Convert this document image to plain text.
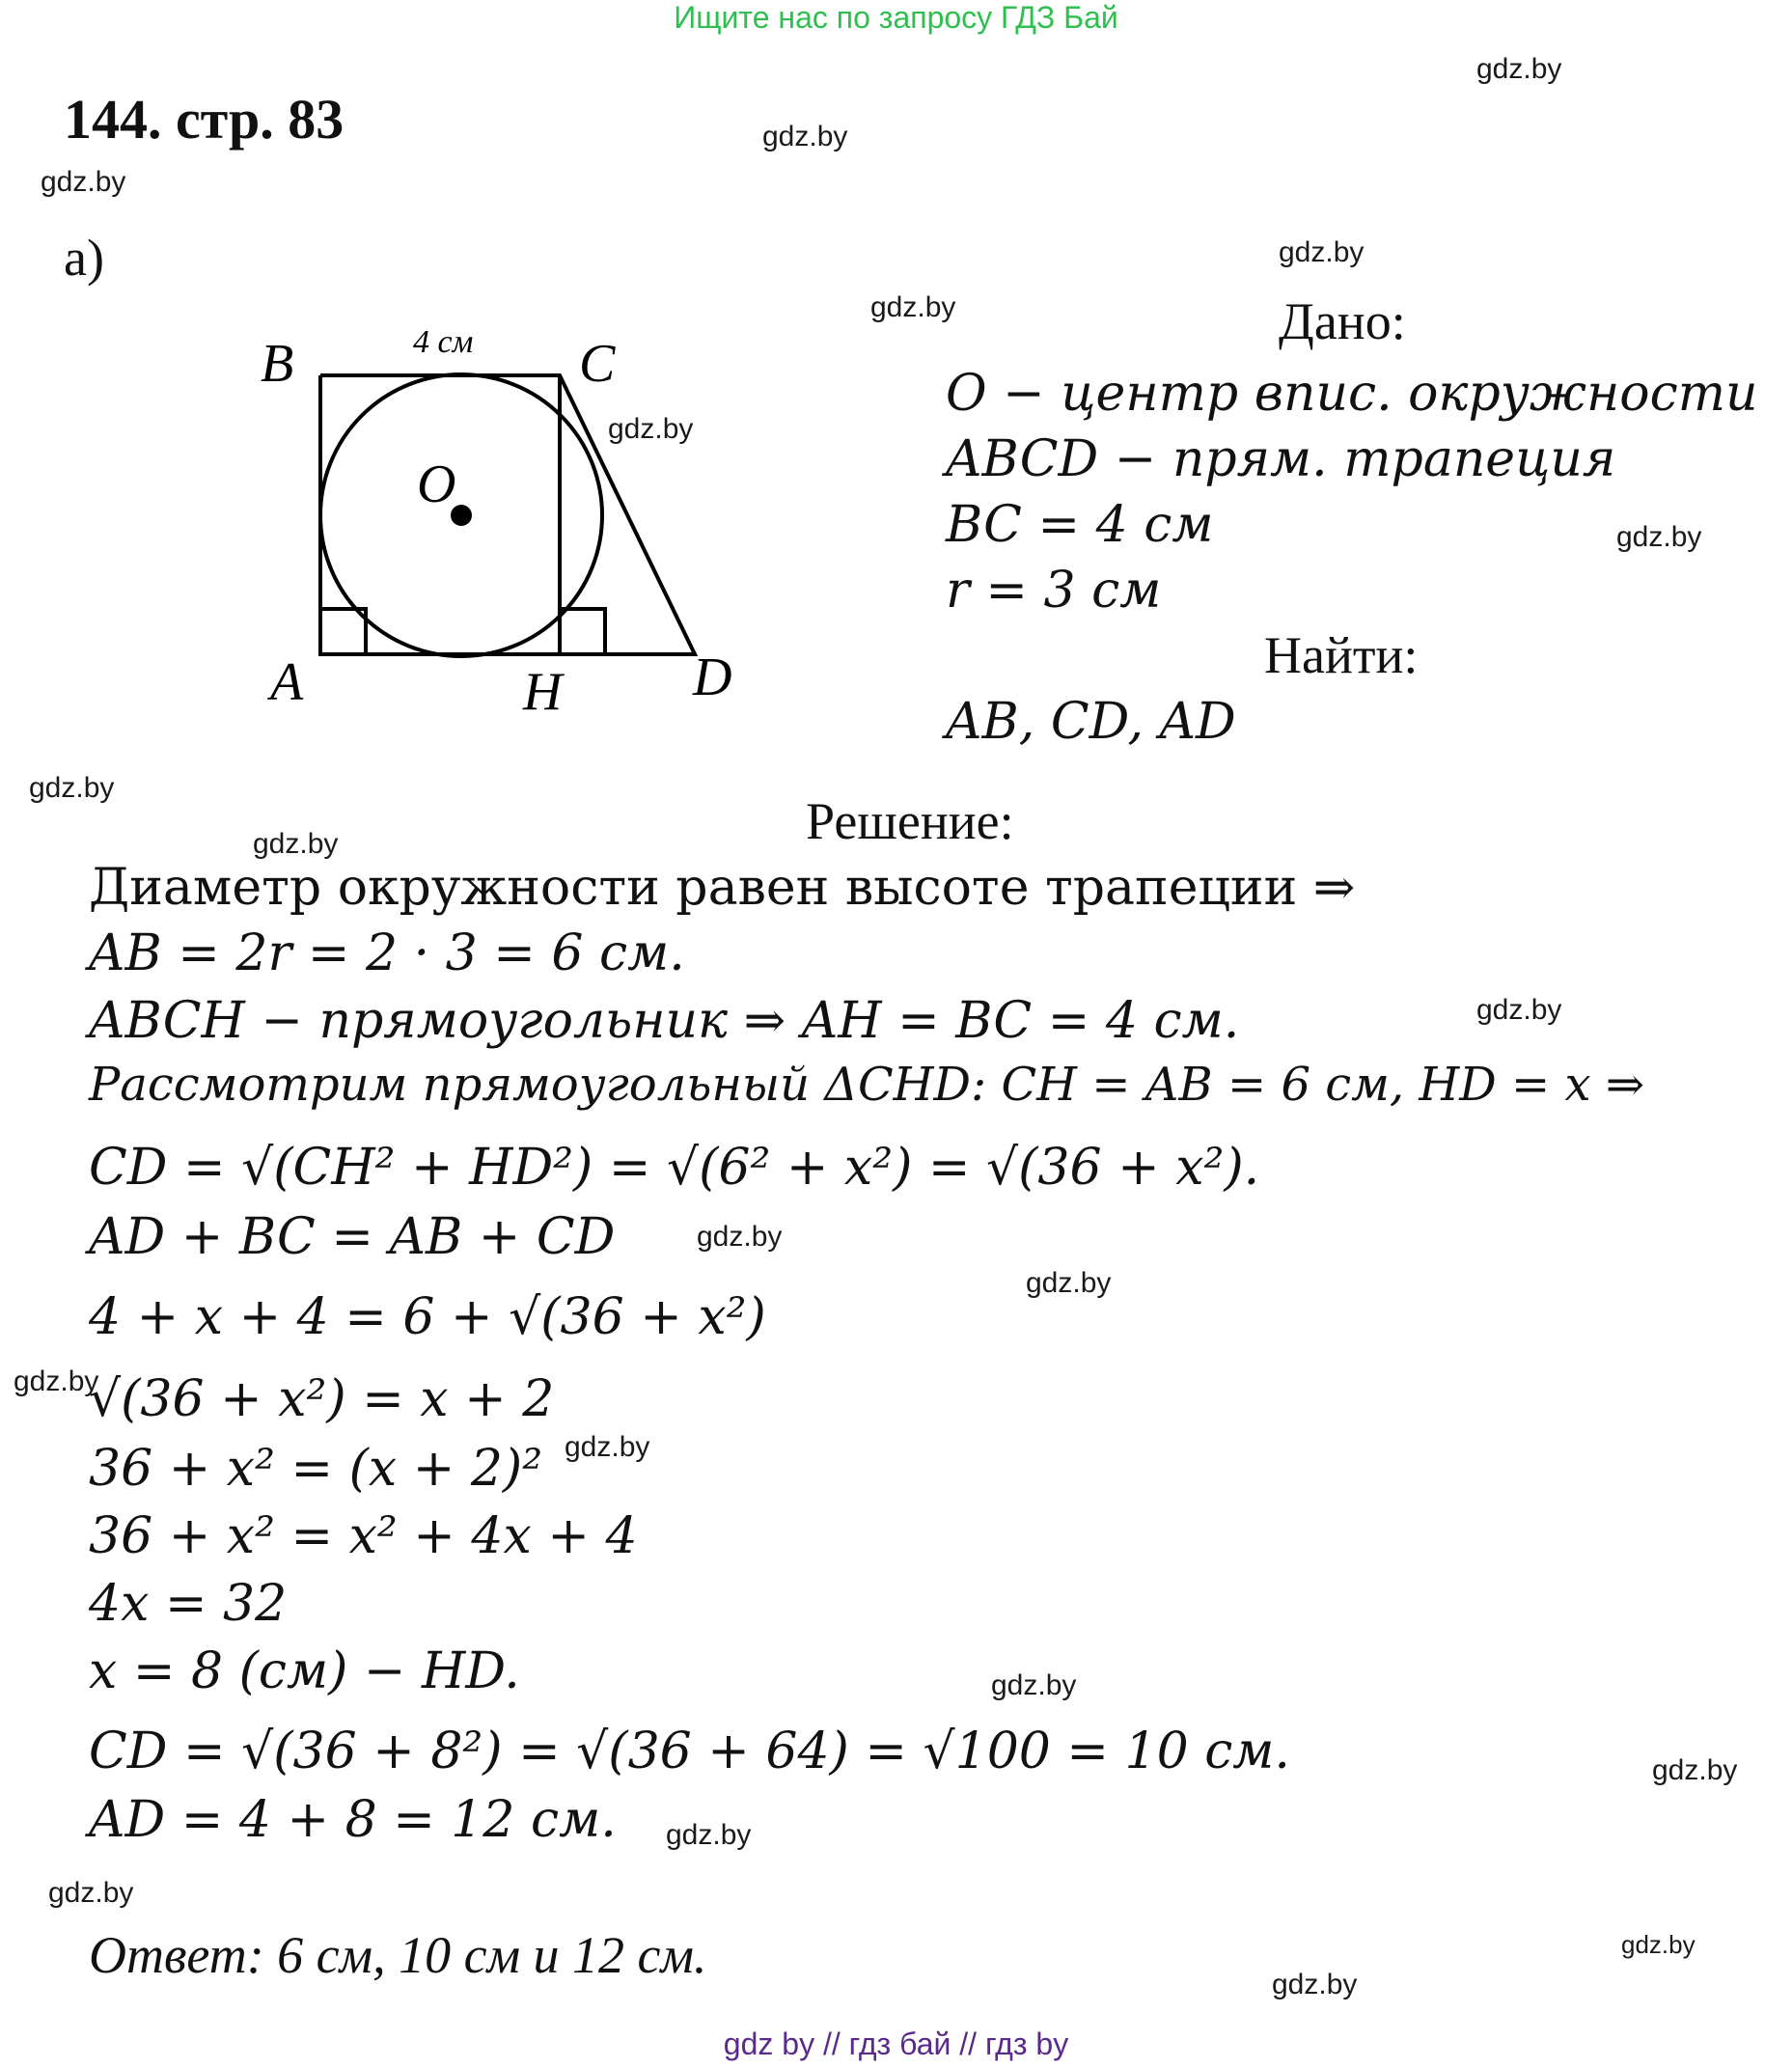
Ищите нас по запросу ГДЗ Бай
144. стр. 83
а)
B	C
A	H D
O
4 см	Дано:
O − центр впис. окружности
ABCD − прям. трапеция
BC = 4 см
r = 3 см
Найти:
AB, CD, AD
Решение:
Диаметр окружности равен высоте трапеции ⇒
AB = 2r = 2 · 3 = 6 см.
ABCH − прямоугольник ⇒ AH = BC = 4 см.
Рассмотрим прямоугольный ΔCHD: CH = AB = 6 см, HD = x ⇒
CD = √(CH² + HD²) = √(6² + x²) = √(36 + x²).
AD + BC = AB + CD
4 + x + 4 = 6 + √(36 + x²)
√(36 + x²) = x + 2
36 + x² = (x + 2)²
36 + x² = x² + 4x + 4
4x = 32
x = 8 (см) − HD.
CD = √(36 + 8²) = √(36 + 64) = √100 = 10 см.
AD = 4 + 8 = 12 см.
Ответ: 6 см, 10 см и 12 см.
gdz.by
gdz.by
gdz.by
gdz.by
gdz.by
gdz.by
gdz.by
gdz.by
gdz.by
gdz.by
gdz.by
gdz.by
gdz.by
gdz.by
gdz.by
gdz.by
gdz.by
gdz.by
gdz.by
gdz.by
gdz by // гдз бай // гдз by
